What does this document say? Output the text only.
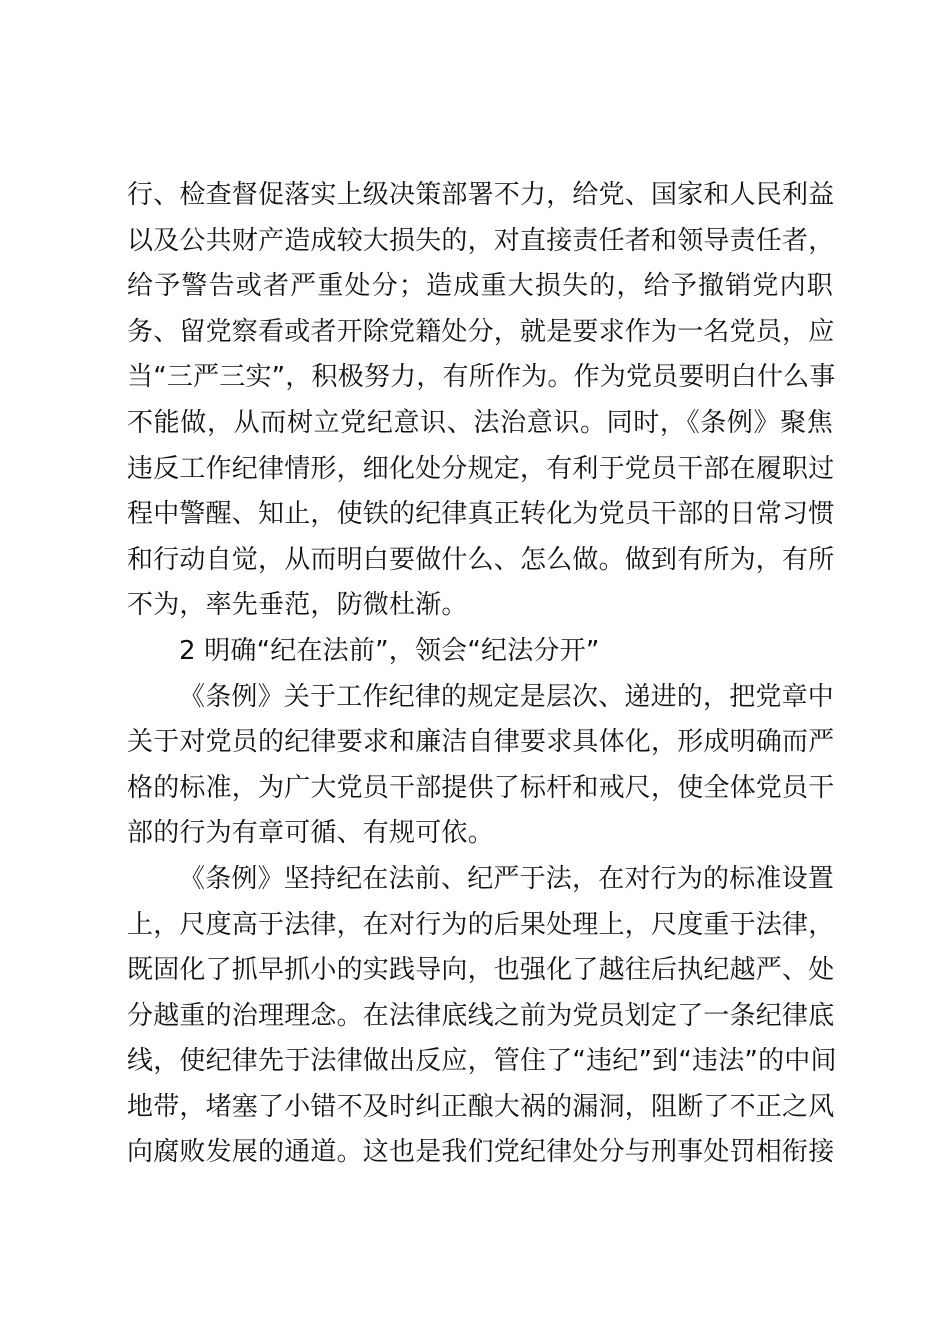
行、检查督促落实上级决策部署不力，给党、国家和人民利益
以及公共财产造成较大损失的，对直接责任者和领导责任者，
给予警告或者严重处分；造成重大损失的，给予撤销党内职
务、留党察看或者开除党籍处分，就是要求作为一名党员，应
当“三严三实”，积极努力，有所作为。作为党员要明白什么事
不能做，从而树立党纪意识、法治意识。同时，《条例》聚焦
违反工作纪律情形，细化处分规定，有利于党员干部在履职过
程中警醒、知止，使铁的纪律真正转化为党员干部的日常习惯
和行动自觉，从而明白要做什么、怎么做。做到有所为，有所
不为，率先垂范，防微杜渐。
2 明确“纪在法前”，领会“纪法分开”
《条例》关于工作纪律的规定是层次、递进的，把党章中
关于对党员的纪律要求和廉洁自律要求具体化，形成明确而严
格的标准，为广大党员干部提供了标杆和戒尺，使全体党员干
部的行为有章可循、有规可依。
《条例》坚持纪在法前、纪严于法，在对行为的标准设置
上，尺度高于法律，在对行为的后果处理上，尺度重于法律，
既固化了抓早抓小的实践导向，也强化了越往后执纪越严、处
分越重的治理理念。在法律底线之前为党员划定了一条纪律底
线，使纪律先于法律做出反应，管住了“违纪”到“违法”的中间
地带，堵塞了小错不及时纠正酿大祸的漏洞，阻断了不正之风
向腐败发展的通道。这也是我们党纪律处分与刑事处罚相衔接
